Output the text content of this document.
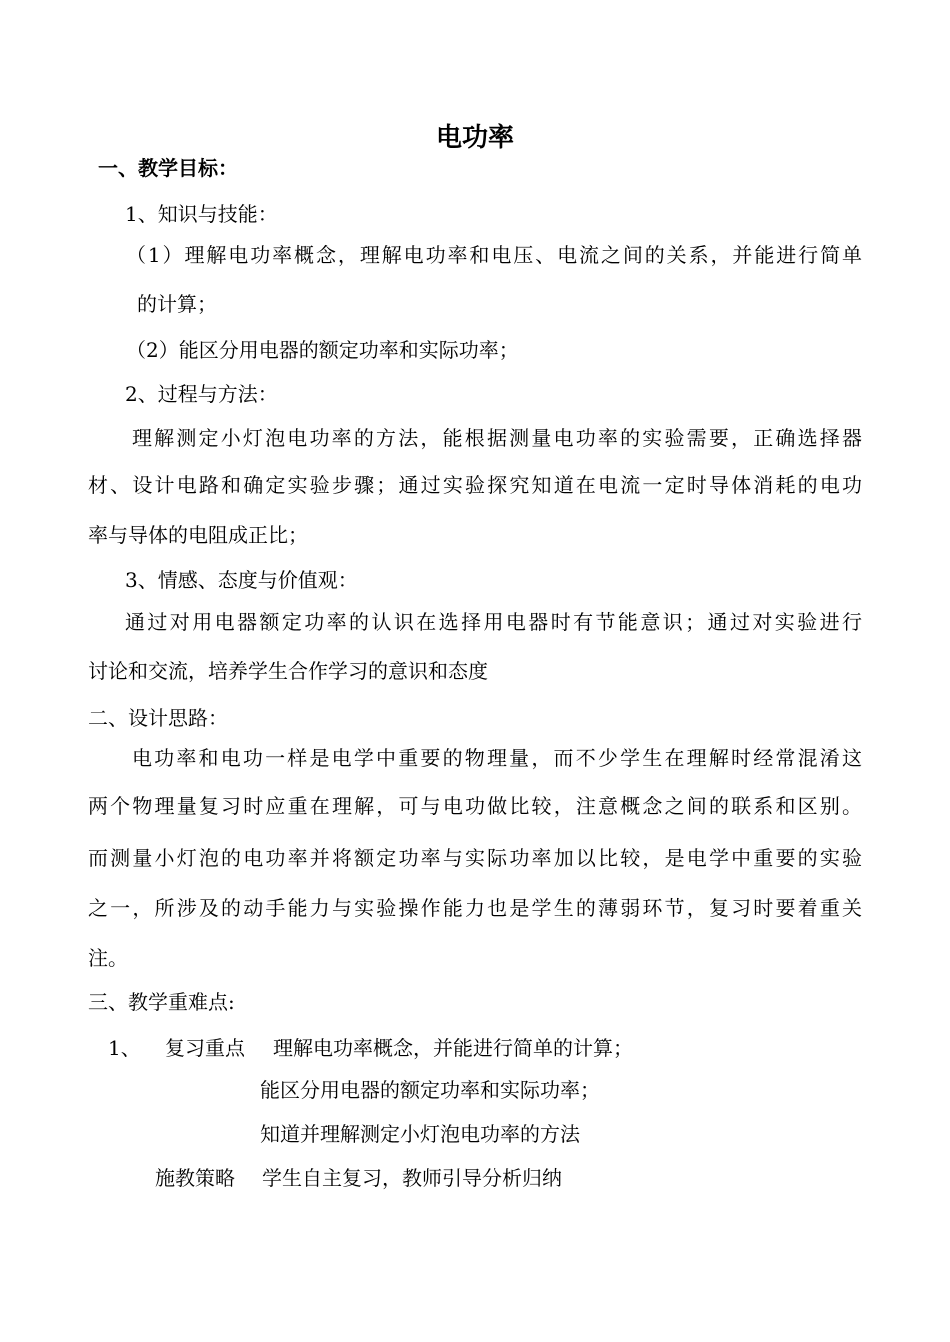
电功率
一、教学目标：
1、知识与技能：
（1）理解电功率概念，理解电功率和电压、电流之间的关系，并能进行简单
的计算；
（2）能区分用电器的额定功率和实际功率；
2、过程与方法：
理解测定小灯泡电功率的方法，能根据测量电功率的实验需要，正确选择器
材、设计电路和确定实验步骤；通过实验探究知道在电流一定时导体消耗的电功
率与导体的电阻成正比；
3、情感、态度与价值观：
通过对用电器额定功率的认识在选择用电器时有节能意识；通过对实验进行
讨论和交流，培养学生合作学习的意识和态度
二、设计思路：
电功率和电功一样是电学中重要的物理量，而不少学生在理解时经常混淆这
两个物理量复习时应重在理解，可与电功做比较，注意概念之间的联系和区别。
而测量小灯泡的电功率并将额定功率与实际功率加以比较，是电学中重要的实验
之一，所涉及的动手能力与实验操作能力也是学生的薄弱环节，复习时要着重关
注。
三、教学重难点:
1、 复习重点 理解电功率概念，并能进行简单的计算；
能区分用电器的额定功率和实际功率；
知道并理解测定小灯泡电功率的方法
施教策略 学生自主复习，教师引导分析归纳
